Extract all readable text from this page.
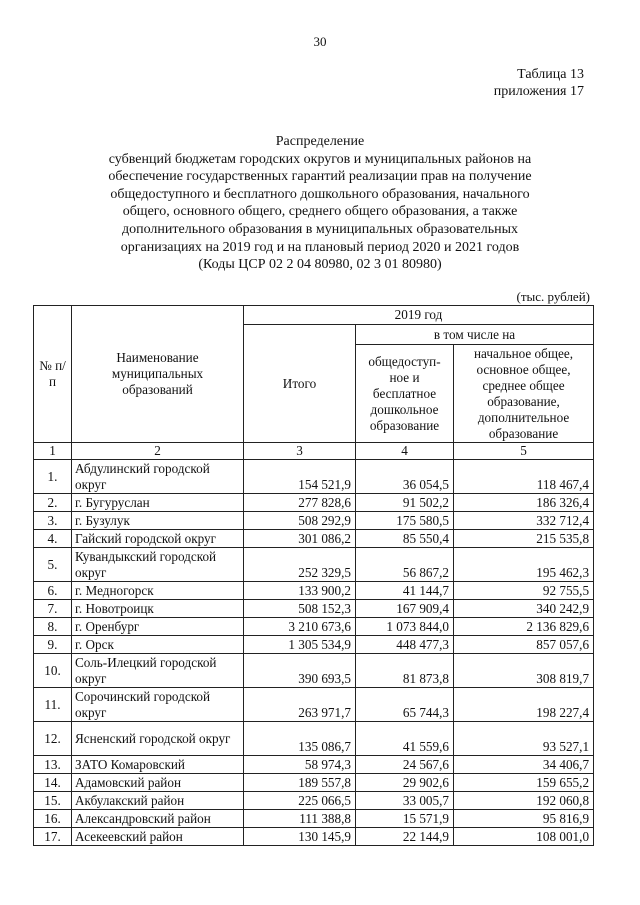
30
Таблица 13
приложения 17
Распределение
субвенций бюджетам городских округов и муниципальных районов на
обеспечение государственных гарантий реализации прав на получение
общедоступного и бесплатного дошкольного образования, начального
общего, основного общего, среднего общего образования, а также
дополнительного образования в муниципальных образовательных
организациях на 2019 год и на плановый период 2020 и 2021 годов
(Коды ЦСР 02 2 04 80980, 02 3 01 80980)
(тыс. рублей)
№ п/п	Наименование муниципальных образований	2019 год		
		Итого	в том числе на	
			общедоступ-ное и бесплатное дошкольное образование	начальное общее, основное общее, среднее общее образование, дополнительное образование
1	2	3	4	5
1.	Абдулинский городской округ	154 521,9	36 054,5	118 467,4
2.	г. Бугуруслан	277 828,6	91 502,2	186 326,4
3.	г. Бузулук	508 292,9	175 580,5	332 712,4
4.	Гайский городской округ	301 086,2	85 550,4	215 535,8
5.	Кувандыкский городской округ	252 329,5	56 867,2	195 462,3
6.	г. Медногорск	133 900,2	41 144,7	92 755,5
7.	г. Новотроицк	508 152,3	167 909,4	340 242,9
8.	г. Оренбург	3 210 673,6	1 073 844,0	2 136 829,6
9.	г. Орск	1 305 534,9	448 477,3	857 057,6
10.	Соль-Илецкий городской округ	390 693,5	81 873,8	308 819,7
11.	Сорочинский городской округ	263 971,7	65 744,3	198 227,4
12.	Ясненский городской округ	135 086,7	41 559,6	93 527,1
13.	ЗАТО Комаровский	58 974,3	24 567,6	34 406,7
14.	Адамовский район	189 557,8	29 902,6	159 655,2
15.	Акбулакский район	225 066,5	33 005,7	192 060,8
16.	Александровский район	111 388,8	15 571,9	95 816,9
17.	Асекеевский район	130 145,9	22 144,9	108 001,0
